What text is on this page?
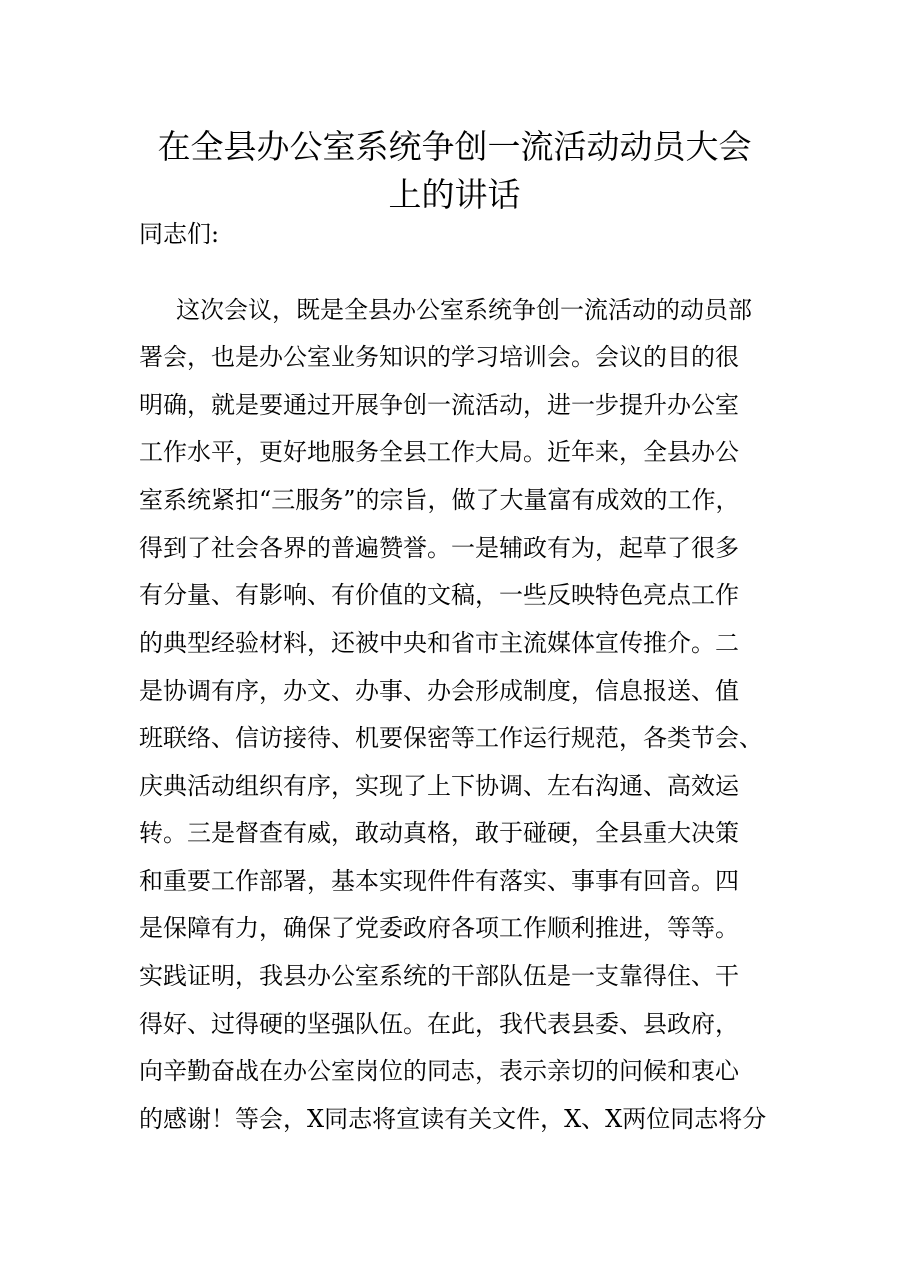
在全县办公室系统争创一流活动动员大会
上的讲话

同志们:

这次会议，既是全县办公室系统争创一流活动的动员部

署会，也是办公室业务知识的学习培训会。会议的目的很

明确，就是要通过开展争创一流活动，进一步提升办公室

工作水平，更好地服务全县工作大局。近年来，全县办公

室系统紧扣“三服务”的宗旨，做了大量富有成效的工作，

得到了社会各界的普遍赞誉。一是辅政有为，起草了很多

有分量、有影响、有价值的文稿，一些反映特色亮点工作

的典型经验材料，还被中央和省市主流媒体宣传推介。二

是协调有序，办文、办事、办会形成制度，信息报送、值

班联络、信访接待、机要保密等工作运行规范，各类节会、

庆典活动组织有序，实现了上下协调、左右沟通、高效运

转。三是督查有威，敢动真格，敢于碰硬，全县重大决策

和重要工作部署，基本实现件件有落实、事事有回音。四

是保障有力，确保了党委政府各项工作顺利推进，等等。

实践证明，我县办公室系统的干部队伍是一支靠得住、干

得好、过得硬的坚强队伍。在此，我代表县委、县政府，

向辛勤奋战在办公室岗位的同志，表示亲切的问候和衷心

的感谢！等会，X同志将宣读有关文件，X、X两位同志将分
